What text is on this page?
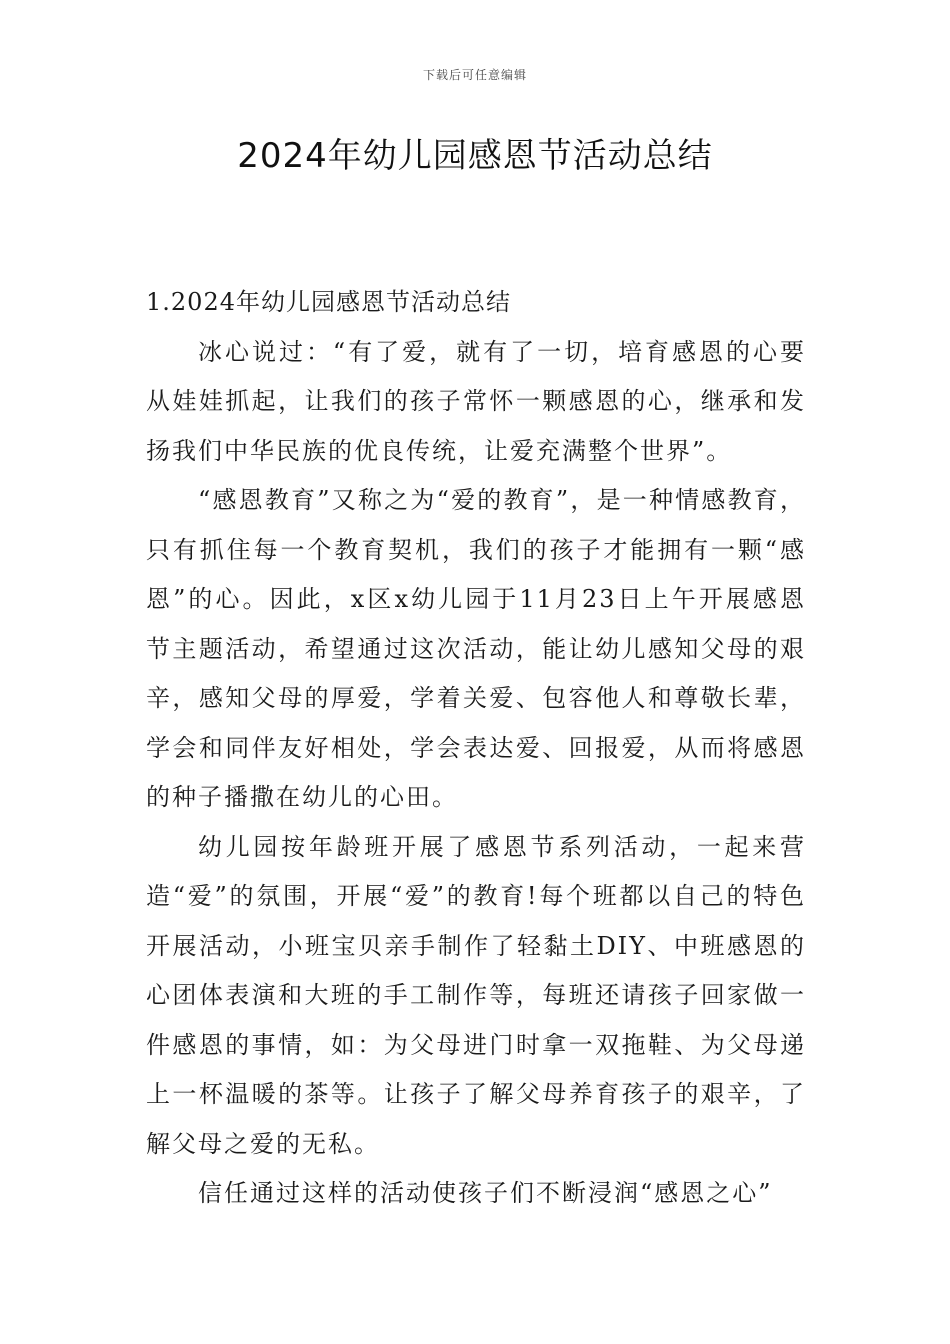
下载后可任意编辑
2024年幼儿园感恩节活动总结
1.2024年幼儿园感恩节活动总结

冰心说过：“有了爱，就有了一切，培育感恩的心要从娃娃抓起，让我们的孩子常怀一颗感恩的心，继承和发扬我们中华民族的优良传统，让爱充满整个世界”。

“感恩教育”又称之为“爱的教育”，是一种情感教育，只有抓住每一个教育契机，我们的孩子才能拥有一颗“感恩”的心。因此，x区x幼儿园于11月23日上午开展感恩节主题活动，希望通过这次活动，能让幼儿感知父母的艰辛，感知父母的厚爱，学着关爱、包容他人和尊敬长辈，学会和同伴友好相处，学会表达爱、回报爱，从而将感恩的种子播撒在幼儿的心田。

幼儿园按年龄班开展了感恩节系列活动，一起来营造“爱”的氛围，开展“爱”的教育!每个班都以自己的特色开展活动，小班宝贝亲手制作了轻黏土DIY、中班感恩的心团体表演和大班的手工制作等，每班还请孩子回家做一件感恩的事情，如：为父母进门时拿一双拖鞋、为父母递上一杯温暖的茶等。让孩子了解父母养育孩子的艰辛，了解父母之爱的无私。

信任通过这样的活动使孩子们不断浸润“感恩之心”
